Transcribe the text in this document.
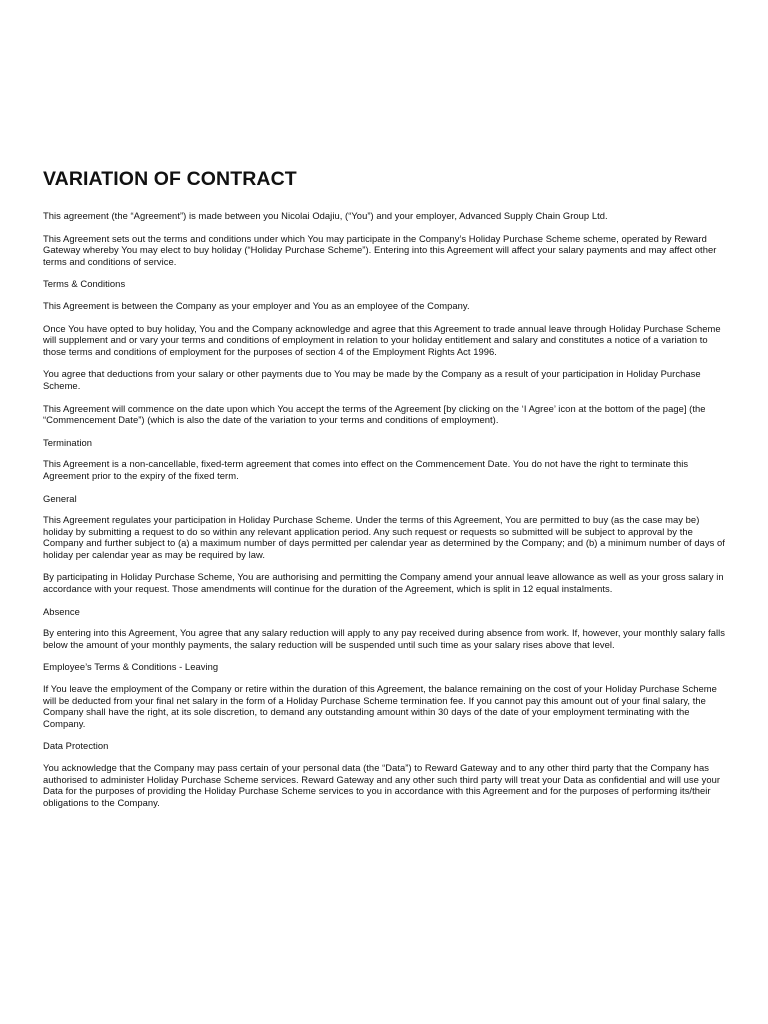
VARIATION OF CONTRACT

This agreement (the “Agreement”) is made between you Nicolai Odajiu, (“You”) and your employer, Advanced Supply Chain Group Ltd.

This Agreement sets out the terms and conditions under which You may participate in the Company’s Holiday Purchase Scheme scheme, operated by Reward Gateway whereby You may elect to buy holiday (“Holiday Purchase Scheme”). Entering into this Agreement will affect your salary payments and may affect other terms and conditions of service.

Terms & Conditions

This Agreement is between the Company as your employer and You as an employee of the Company.

Once You have opted to buy holiday, You and the Company acknowledge and agree that this Agreement to trade annual leave through Holiday Purchase Scheme will supplement and or vary your terms and conditions of employment in relation to your holiday entitlement and salary and constitutes a notice of a variation to those terms and conditions of employment for the purposes of section 4 of the Employment Rights Act 1996.

You agree that deductions from your salary or other payments due to You may be made by the Company as a result of your participation in Holiday Purchase Scheme.

This Agreement will commence on the date upon which You accept the terms of the Agreement [by clicking on the ‘I Agree’ icon at the bottom of the page] (the “Commencement Date”) (which is also the date of the variation to your terms and conditions of employment).

Termination

This Agreement is a non-cancellable, fixed-term agreement that comes into effect on the Commencement Date. You do not have the right to terminate this Agreement prior to the expiry of the fixed term.

General

This Agreement regulates your participation in Holiday Purchase Scheme. Under the terms of this Agreement, You are permitted to buy (as the case may be) holiday by submitting a request to do so within any relevant application period. Any such request or requests so submitted will be subject to approval by the Company and further subject to (a) a maximum number of days permitted per calendar year as determined by the Company; and (b) a minimum number of days of holiday per calendar year as may be required by law.

By participating in Holiday Purchase Scheme, You are authorising and permitting the Company amend your annual leave allowance as well as your gross salary in accordance with your request. Those amendments will continue for the duration of the Agreement, which is split in 12 equal instalments.

Absence

By entering into this Agreement, You agree that any salary reduction will apply to any pay received during absence from work. If, however, your monthly salary falls below the amount of your monthly payments, the salary reduction will be suspended until such time as your salary rises above that level.

Employee’s Terms & Conditions - Leaving

If You leave the employment of the Company or retire within the duration of this Agreement, the balance remaining on the cost of your Holiday Purchase Scheme will be deducted from your final net salary in the form of a Holiday Purchase Scheme termination fee. If you cannot pay this amount out of your final salary, the Company shall have the right, at its sole discretion, to demand any outstanding amount within 30 days of the date of your employment terminating with the Company.

Data Protection

You acknowledge that the Company may pass certain of your personal data (the “Data”) to Reward Gateway and to any other third party that the Company has authorised to administer Holiday Purchase Scheme services. Reward Gateway and any other such third party will treat your Data as confidential and will use your Data for the purposes of providing the Holiday Purchase Scheme services to you in accordance with this Agreement and for the purposes of performing its/their obligations to the Company.
